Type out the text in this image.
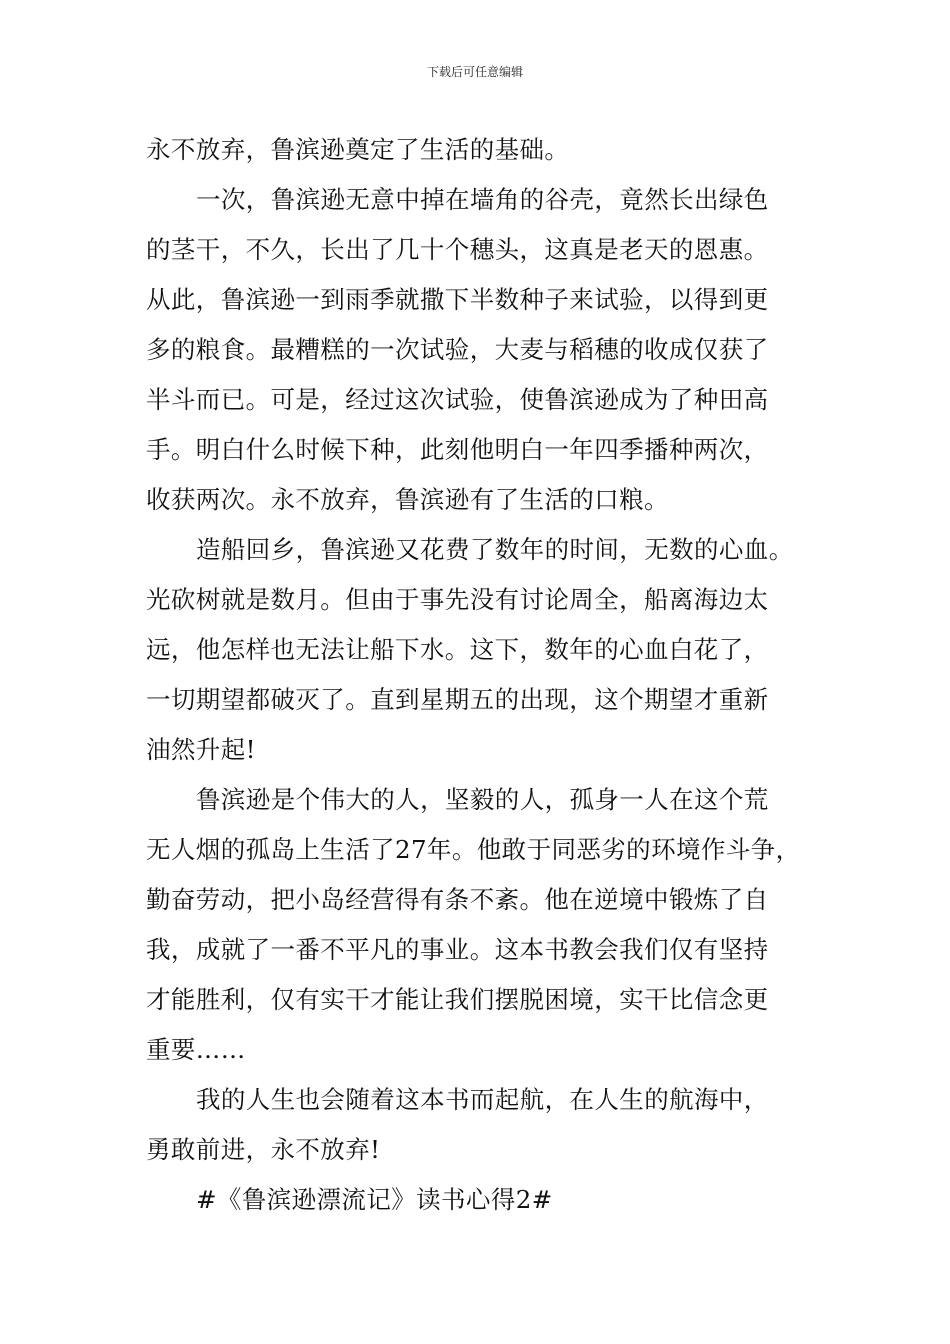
下载后可任意编辑
永不放弃，鲁滨逊奠定了生活的基础。
一次，鲁滨逊无意中掉在墙角的谷壳，竟然长出绿色
的茎干，不久，长出了几十个穗头，这真是老天的恩惠。
从此，鲁滨逊一到雨季就撒下半数种子来试验，以得到更
多的粮食。最糟糕的一次试验，大麦与稻穗的收成仅获了
半斗而已。可是，经过这次试验，使鲁滨逊成为了种田高
手。明白什么时候下种，此刻他明白一年四季播种两次，
收获两次。永不放弃，鲁滨逊有了生活的口粮。
造船回乡，鲁滨逊又花费了数年的时间，无数的心血。
光砍树就是数月。但由于事先没有讨论周全，船离海边太
远，他怎样也无法让船下水。这下，数年的心血白花了，
一切期望都破灭了。直到星期五的出现，这个期望才重新
油然升起!
鲁滨逊是个伟大的人，坚毅的人，孤身一人在这个荒
无人烟的孤岛上生活了27年。他敢于同恶劣的环境作斗争，
勤奋劳动，把小岛经营得有条不紊。他在逆境中锻炼了自
我，成就了一番不平凡的事业。这本书教会我们仅有坚持
才能胜利，仅有实干才能让我们摆脱困境，实干比信念更
重要……
我的人生也会随着这本书而起航，在人生的航海中，
勇敢前进，永不放弃!
#《鲁滨逊漂流记》读书心得2#
